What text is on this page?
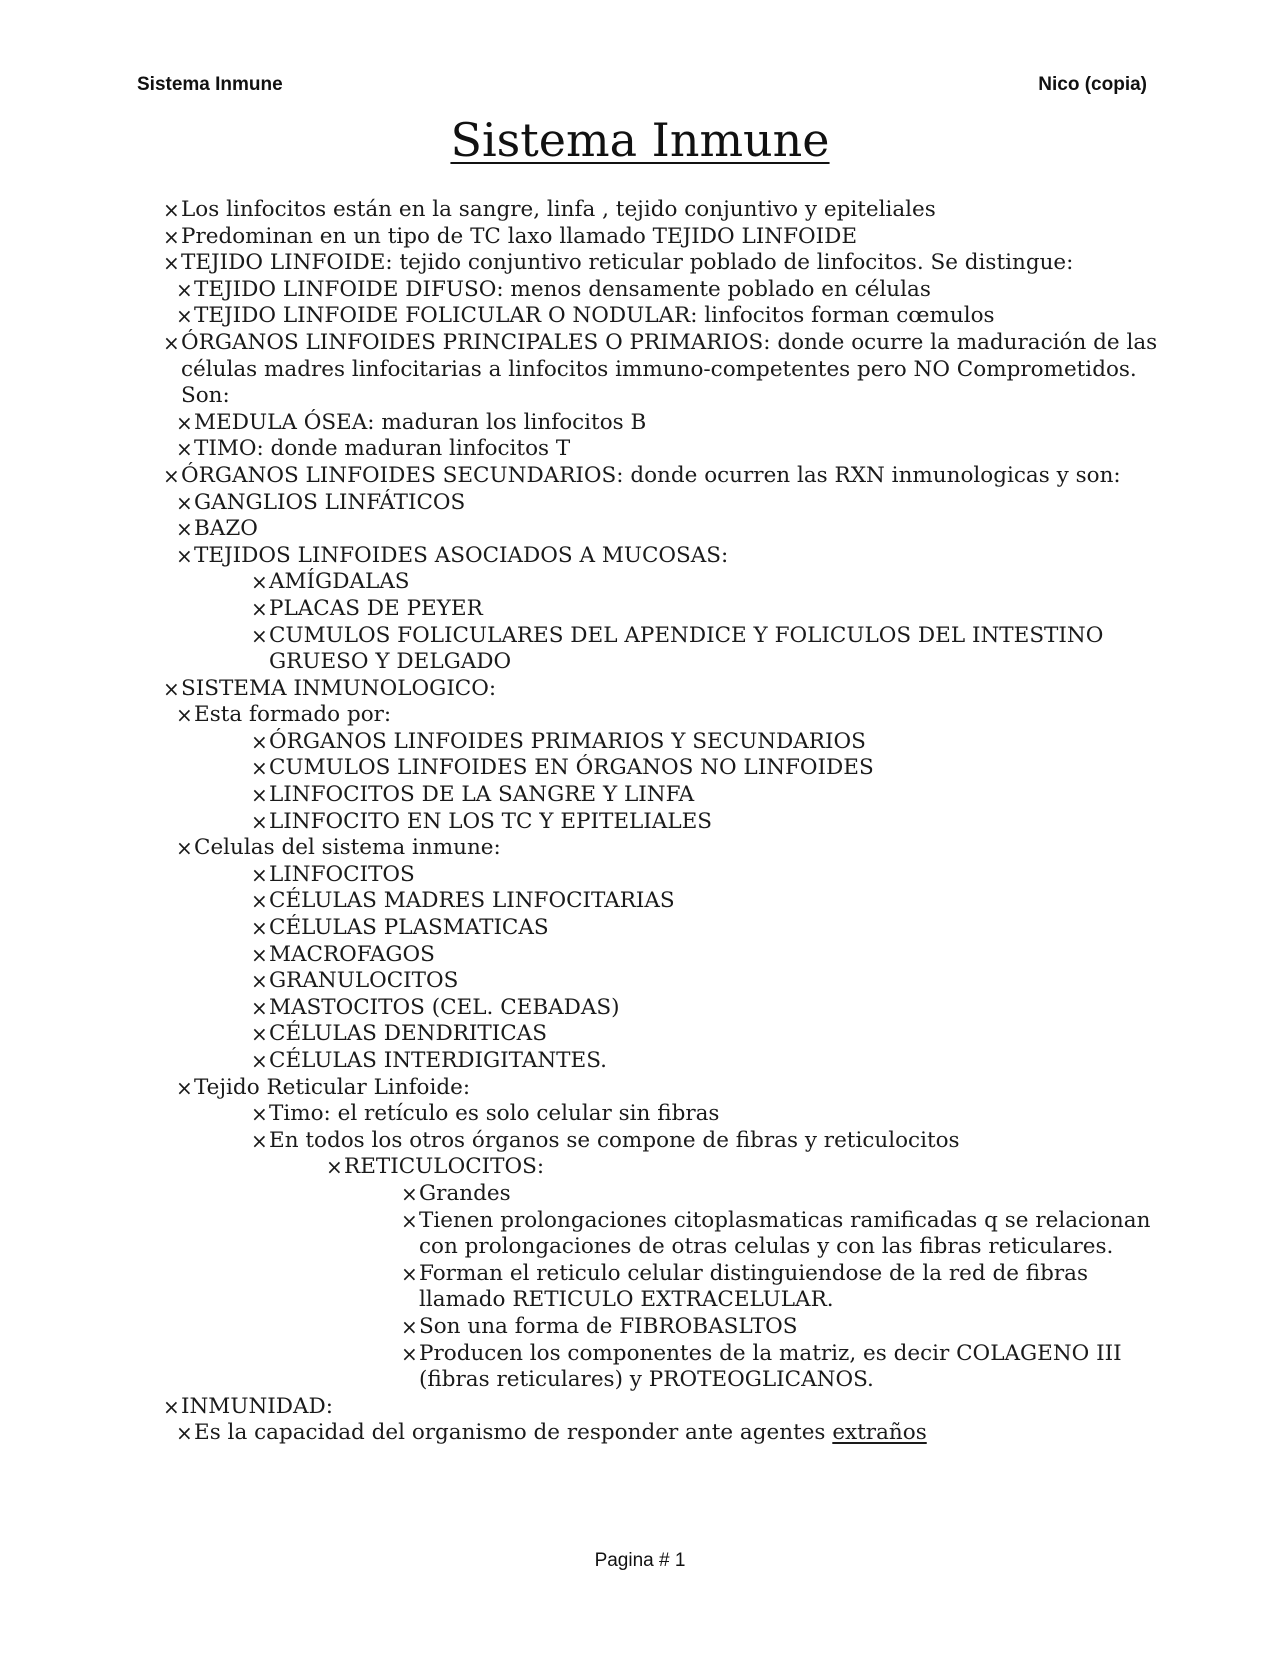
Sistema Inmune	Nico (copia)
Sistema Inmune
× Los linfocitos están en la sangre, linfa , tejido conjuntivo y epiteliales
× Predominan en un tipo de TC laxo llamado TEJIDO LINFOIDE
× TEJIDO LINFOIDE: tejido conjuntivo reticular poblado de linfocitos. Se distingue:
× TEJIDO LINFOIDE DIFUSO: menos densamente poblado en células
× TEJIDO LINFOIDE FOLICULAR O NODULAR: linfocitos forman cœmulos
× ÓRGANOS LINFOIDES PRINCIPALES O PRIMARIOS: donde ocurre la maduración de las células madres linfocitarias a linfocitos immuno-competentes pero NO Comprometidos. Son:
× MEDULA ÓSEA: maduran los linfocitos B
× TIMO: donde maduran linfocitos T
× ÓRGANOS LINFOIDES SECUNDARIOS: donde ocurren las RXN inmunologicas y son:
× GANGLIOS LINFÁTICOS
× BAZO
× TEJIDOS LINFOIDES ASOCIADOS A MUCOSAS:
× AMÍGDALAS
× PLACAS DE PEYER
× CUMULOS FOLICULARES DEL APENDICE Y FOLICULOS DEL INTESTINO GRUESO Y DELGADO
× SISTEMA INMUNOLOGICO:
× Esta formado por:
× ÓRGANOS LINFOIDES PRIMARIOS Y SECUNDARIOS
× CUMULOS LINFOIDES EN ÓRGANOS NO LINFOIDES
× LINFOCITOS DE LA SANGRE Y LINFA
× LINFOCITO EN LOS TC Y EPITELIALES
× Celulas del sistema inmune:
× LINFOCITOS
× CÉLULAS MADRES LINFOCITARIAS
× CÉLULAS PLASMATICAS
× MACROFAGOS
× GRANULOCITOS
× MASTOCITOS (CEL. CEBADAS)
× CÉLULAS DENDRITICAS
× CÉLULAS INTERDIGITANTES.
× Tejido Reticular Linfoide:
× Timo: el retículo es solo celular sin fibras
× En todos los otros órganos se compone de fibras y reticulocitos
× RETICULOCITOS:
× Grandes
× Tienen prolongaciones citoplasmaticas ramificadas q se relacionan con prolongaciones de otras celulas y con las fibras reticulares.
× Forman el reticulo celular distinguiendose de la red de fibras llamado RETICULO EXTRACELULAR.
× Son una forma de FIBROBASLTOS
× Producen los componentes de la matriz, es decir COLAGENO III (fibras reticulares) y PROTEOGLICANOS.
× INMUNIDAD:
× Es la capacidad del organismo de responder ante agentes extraños
Pagina # 1
